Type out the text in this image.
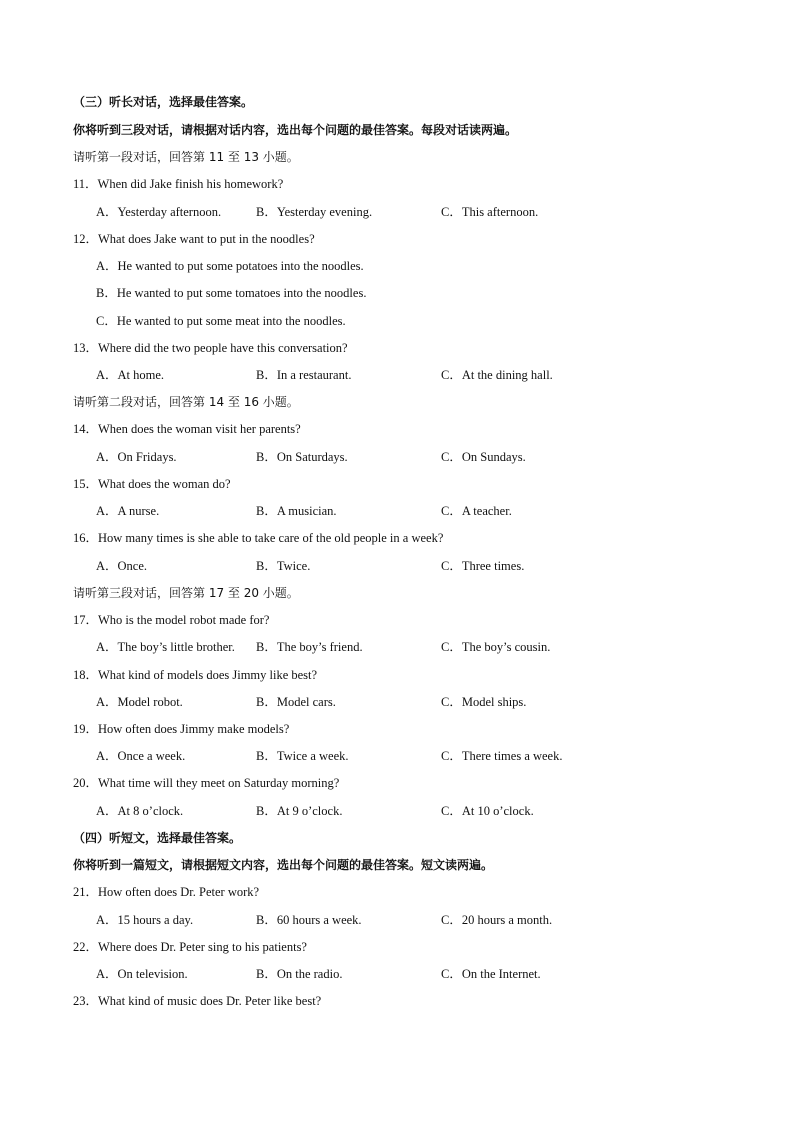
（三）听长对话，选择最佳答案。
你将听到三段对话，请根据对话内容，选出每个问题的最佳答案。每段对话读两遍。
请听第一段对话，回答第 11 至 13 小题。
11．When did Jake finish his homework?
A．Yesterday afternoon.	B．Yesterday evening.	C．This afternoon.
12．What does Jake want to put in the noodles?
A．He wanted to put some potatoes into the noodles.
B．He wanted to put some tomatoes into the noodles.
C．He wanted to put some meat into the noodles.
13．Where did the two people have this conversation?
A．At home.	B．In a restaurant.	C．At the dining hall.
请听第二段对话，回答第 14 至 16 小题。
14．When does the woman visit her parents?
A．On Fridays.	B．On Saturdays.	C．On Sundays.
15．What does the woman do?
A．A nurse.	B．A musician.	C．A teacher.
16．How many times is she able to take care of the old people in a week?
A．Once.	B．Twice.	C．Three times.
请听第三段对话，回答第 17 至 20 小题。
17．Who is the model robot made for?
A．The boy’s little brother. B．The boy’s friend.	C．The boy’s cousin.
18．What kind of models does Jimmy like best?
A．Model robot.	B．Model cars.	C．Model ships.
19．How often does Jimmy make models?
A．Once a week.	B．Twice a week.	C．There times a week.
20．What time will they meet on Saturday morning?
A．At 8 o’clock.	B．At 9 o’clock.	C．At 10 o’clock.
（四）听短文，选择最佳答案。
你将听到一篇短文，请根据短文内容，选出每个问题的最佳答案。短文读两遍。
21．How often does Dr. Peter work?
A．15 hours a day.	B．60 hours a week.	C．20 hours a month.
22．Where does Dr. Peter sing to his patients?
A．On television.	B．On the radio.	C．On the Internet.
23．What kind of music does Dr. Peter like best?
